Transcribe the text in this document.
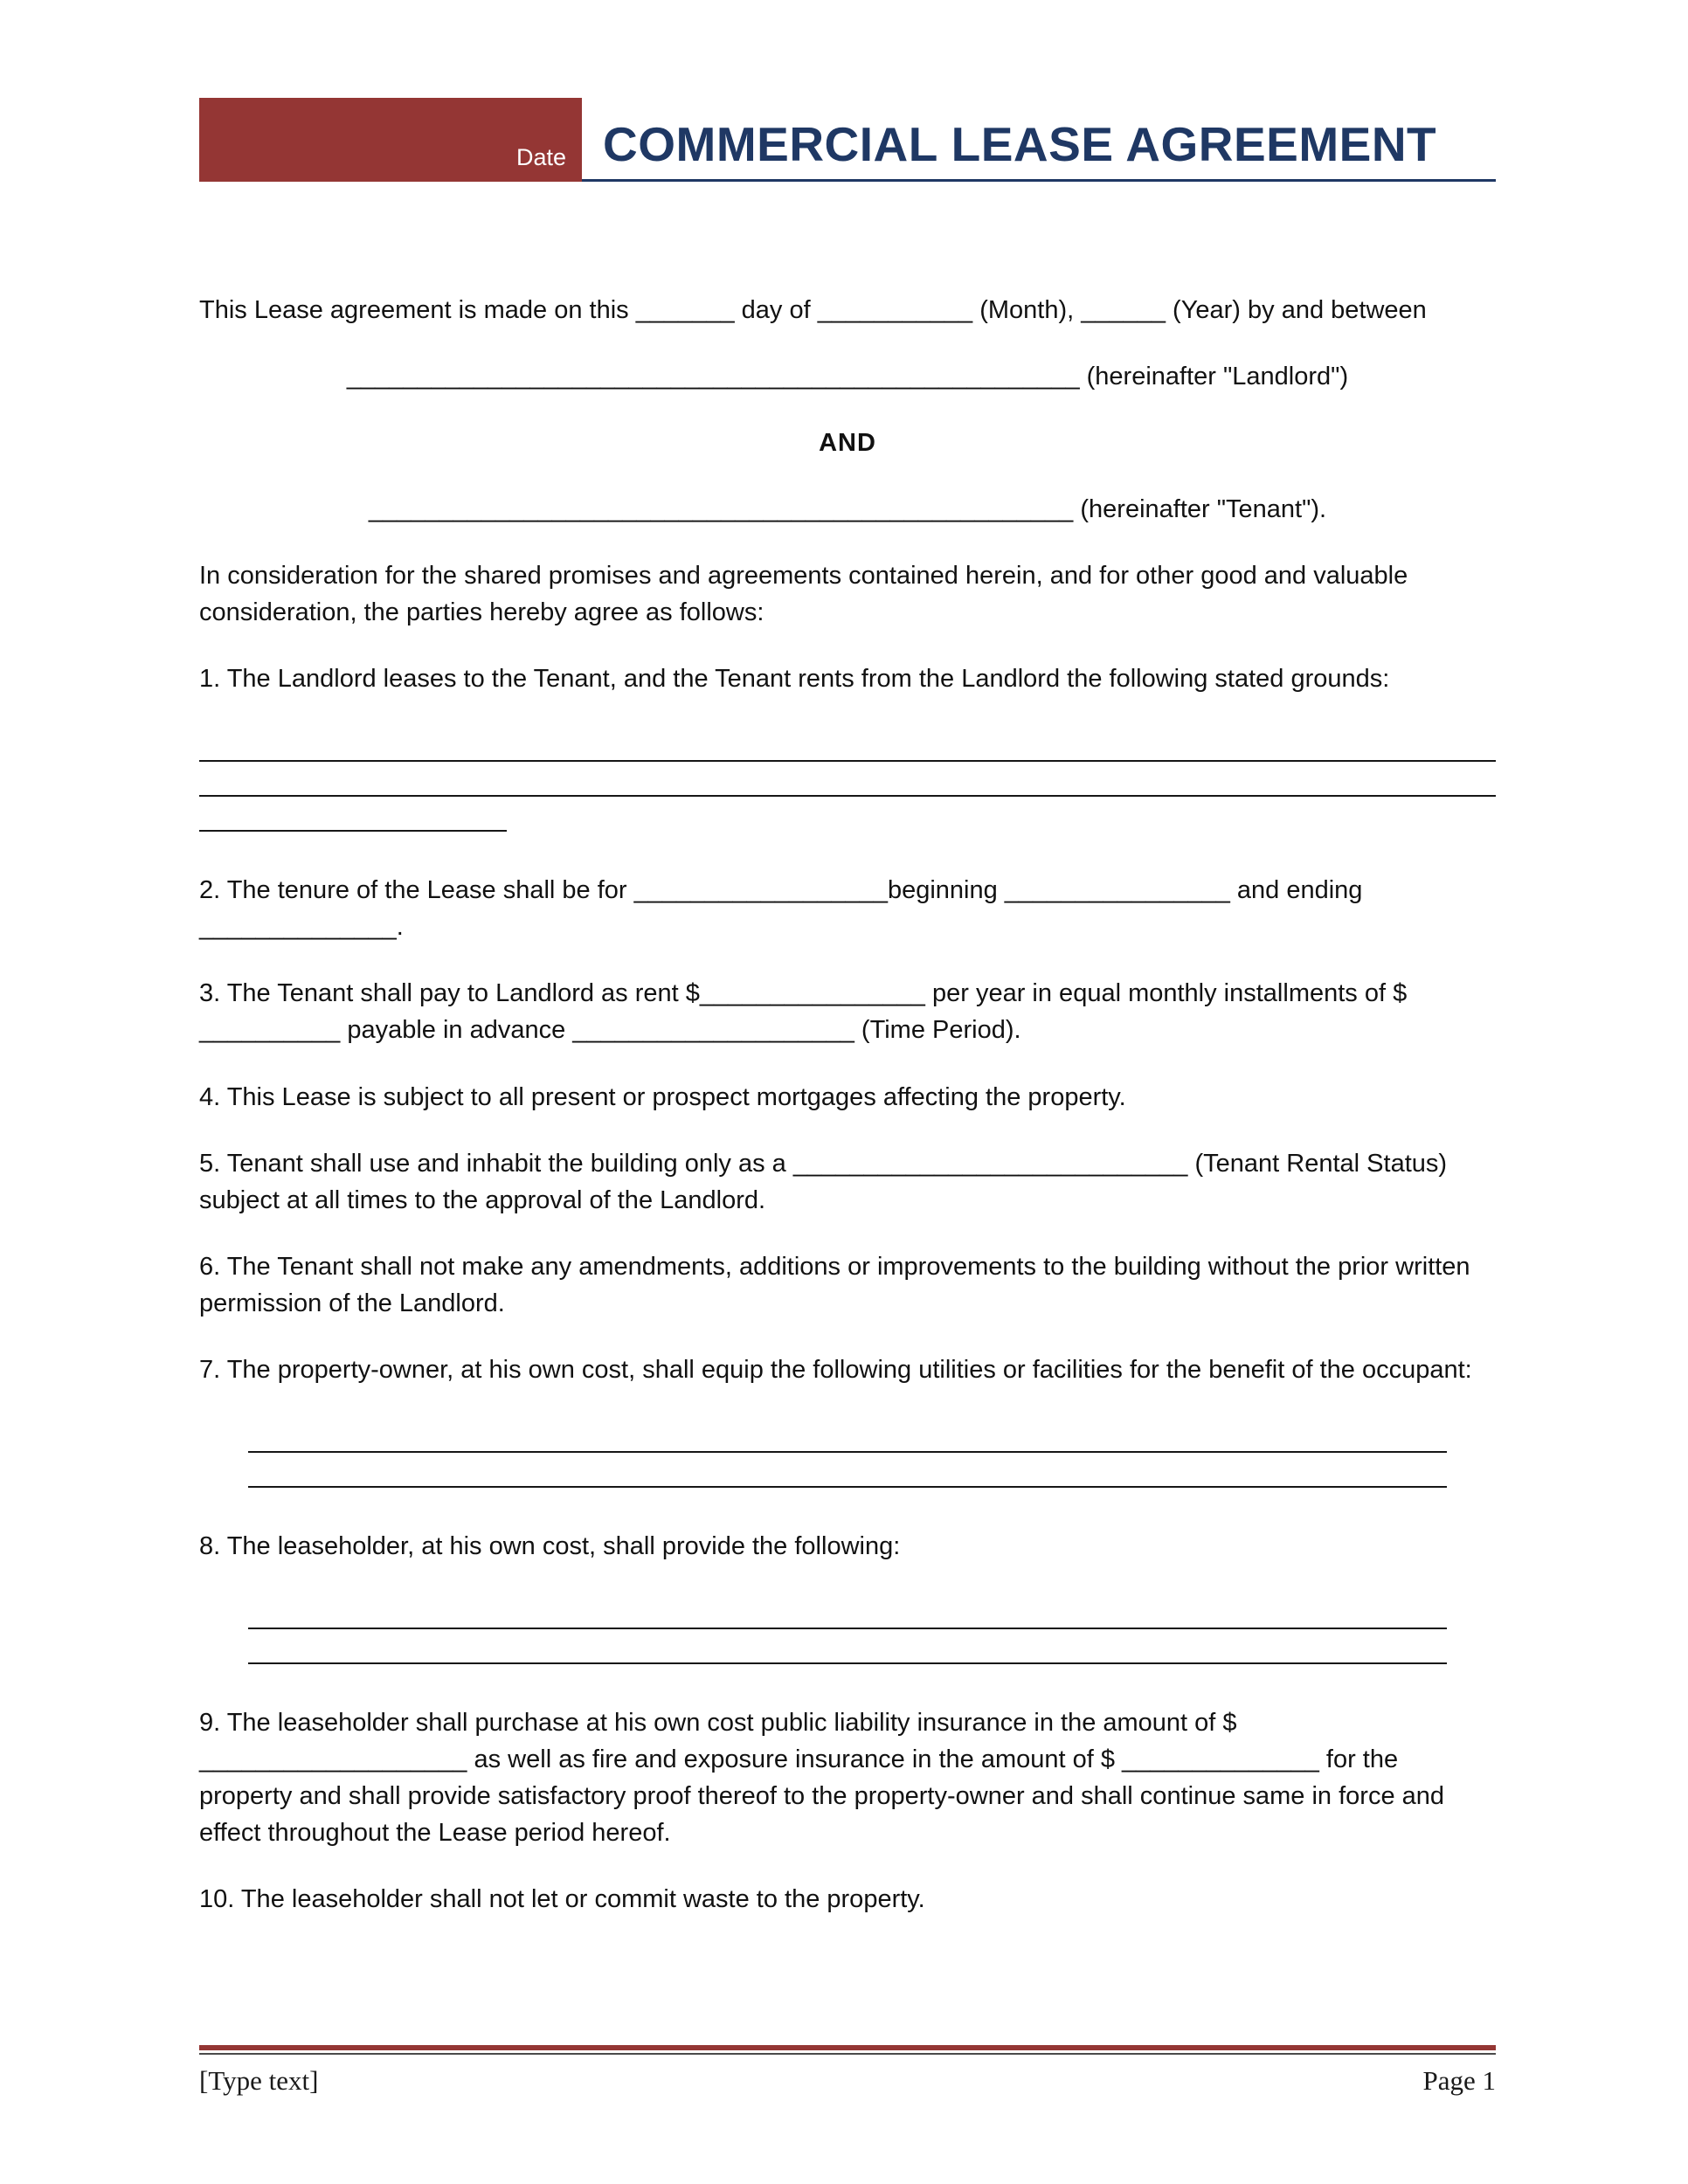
Date COMMERCIAL LEASE AGREEMENT

This Lease agreement is made on this _______ day of ___________ (Month), ______ (Year) by and between

____________________________________________________ (hereinafter "Landlord")

AND

__________________________________________________ (hereinafter "Tenant").

In consideration for the shared promises and agreements contained herein, and for other good and valuable consideration, the parties hereby agree as follows:

1. The Landlord leases to the Tenant, and the Tenant rents from the Landlord the following stated grounds:

2. The tenure of the Lease shall be for __________________beginning ________________ and ending ______________.

3. The Tenant shall pay to Landlord as rent $________________ per year in equal monthly installments of $ __________ payable in advance ____________________ (Time Period).

4. This Lease is subject to all present or prospect mortgages affecting the property.

5. Tenant shall use and inhabit the building only as a ____________________________ (Tenant Rental Status) subject at all times to the approval of the Landlord.

6. The Tenant shall not make any amendments, additions or improvements to the building without the prior written permission of the Landlord.

7. The property-owner, at his own cost, shall equip the following utilities or facilities for the benefit of the occupant:

8. The leaseholder, at his own cost, shall provide the following:

9. The leaseholder shall purchase at his own cost public liability insurance in the amount of $ ___________________ as well as fire and exposure insurance in the amount of $ ______________ for the property and shall provide satisfactory proof thereof to the property-owner and shall continue same in force and effect throughout the Lease period hereof.

10. The leaseholder shall not let or commit waste to the property.

[Type text]	Page 1
